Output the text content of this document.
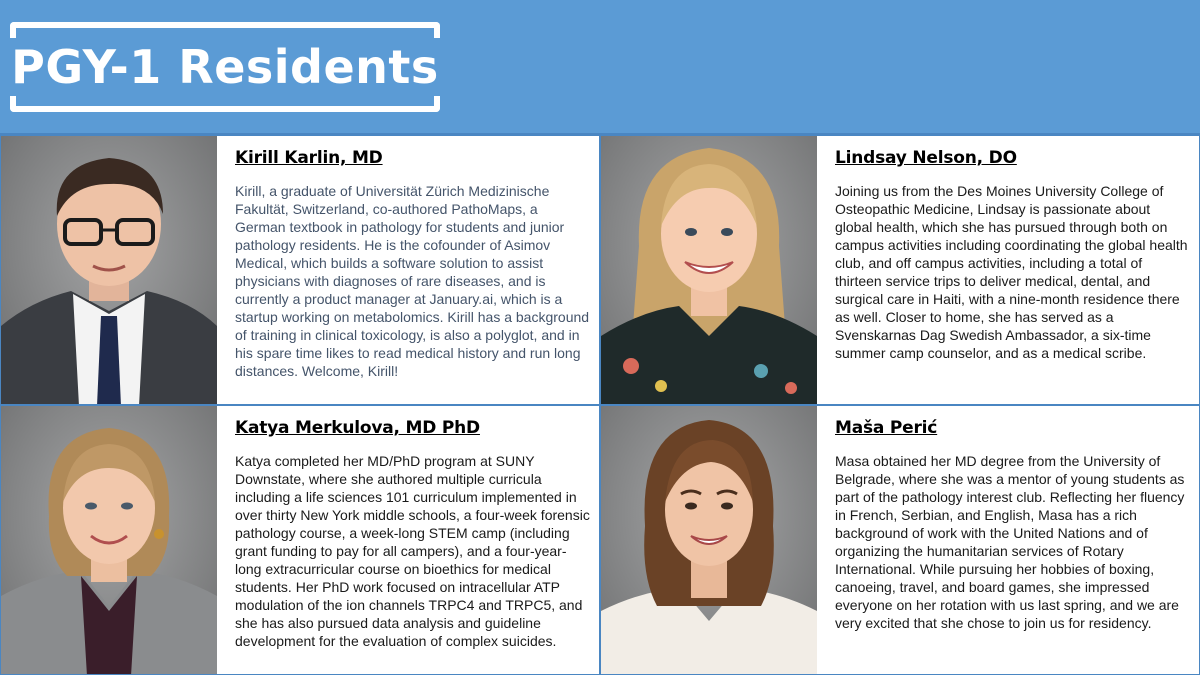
PGY-1 Residents
Kirill Karlin, MD
Kirill, a graduate of Universität Zürich Medizinische Fakultät, Switzerland, co-authored PathoMaps, a German textbook in pathology for students and junior pathology residents. He is the cofounder of Asimov Medical, which builds a software solution to assist physicians with diagnoses of rare diseases, and is currently a product manager at January.ai, which is a startup working on metabolomics. Kirill has a background of training in clinical toxicology, is also a polyglot, and in his spare time likes to read medical history and run long distances. Welcome, Kirill!
Lindsay Nelson, DO
Joining us from the Des Moines University College of Osteopathic Medicine, Lindsay is passionate about global health, which she has pursued through both on campus activities including coordinating the global health club, and off campus activities, including a total of thirteen service trips to deliver medical, dental, and surgical care in Haiti, with a nine-month residence there as well. Closer to home, she has served as a Svenskarnas Dag Swedish Ambassador, a six-time summer camp counselor, and as a medical scribe.
Katya Merkulova, MD PhD
Katya completed her MD/PhD program at SUNY Downstate, where she authored multiple curricula including a life sciences 101 curriculum implemented in over thirty New York middle schools, a four-week forensic pathology course, a week-long STEM camp (including grant funding to pay for all campers), and a four-year-long extracurricular course on bioethics for medical students. Her PhD work focused on intracellular ATP modulation of the ion channels TRPC4 and TRPC5, and she has also pursued data analysis and guideline development for the evaluation of complex suicides.
Maša Perić
Masa obtained her MD degree from the University of Belgrade, where she was a mentor of young students as part of the pathology interest club. Reflecting her fluency in French, Serbian, and English, Masa has a rich background of work with the United Nations and of organizing the humanitarian services of Rotary International. While pursuing her hobbies of boxing, canoeing, travel, and board games, she impressed everyone on her rotation with us last spring, and we are very excited that she chose to join us for residency.
